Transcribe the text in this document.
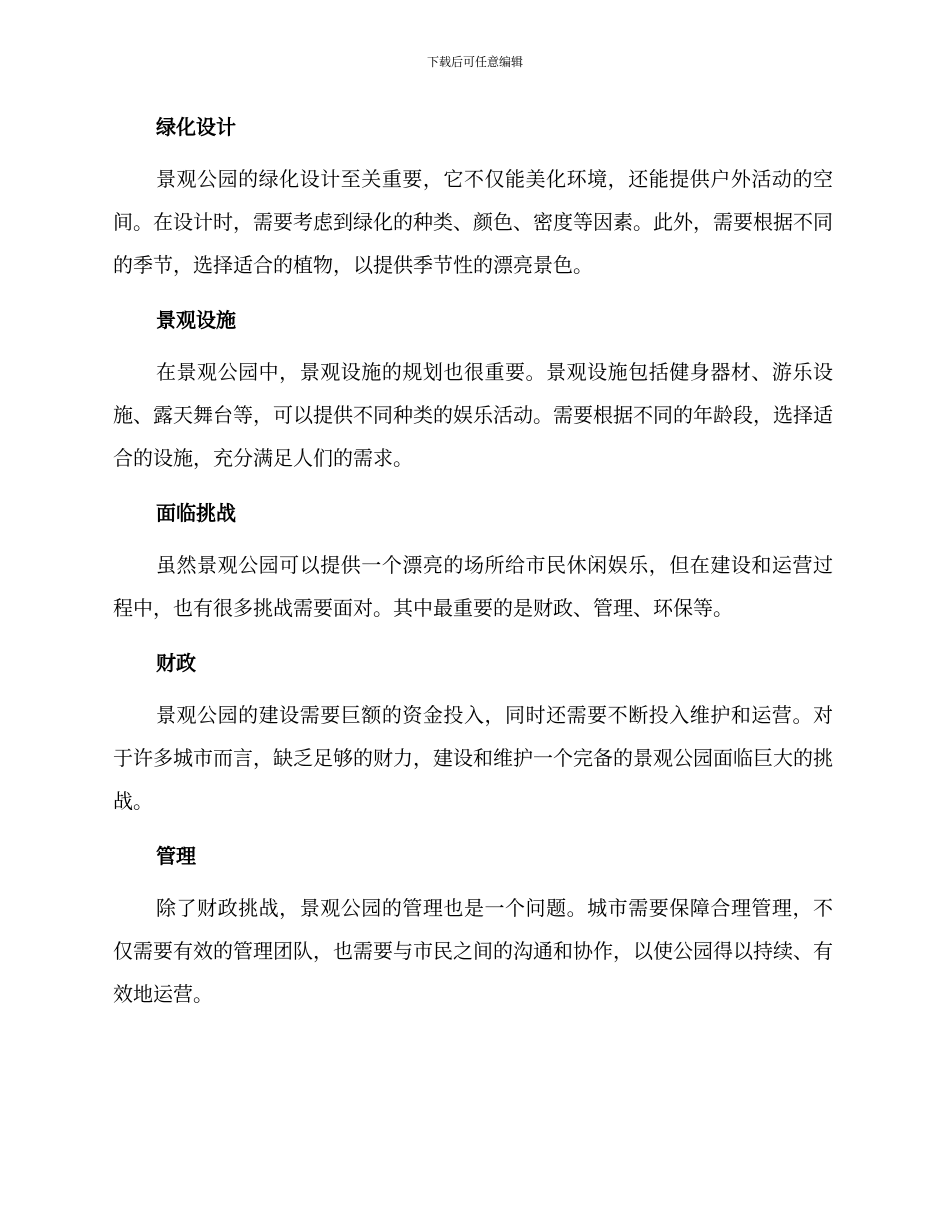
下载后可任意编辑
绿化设计

景观公园的绿化设计至关重要，它不仅能美化环境，还能提供户外活动的空间。在设计时，需要考虑到绿化的种类、颜色、密度等因素。此外，需要根据不同的季节，选择适合的植物，以提供季节性的漂亮景色。

景观设施

在景观公园中，景观设施的规划也很重要。景观设施包括健身器材、游乐设施、露天舞台等，可以提供不同种类的娱乐活动。需要根据不同的年龄段，选择适合的设施，充分满足人们的需求。

面临挑战

虽然景观公园可以提供一个漂亮的场所给市民休闲娱乐，但在建设和运营过程中，也有很多挑战需要面对。其中最重要的是财政、管理、环保等。

财政

景观公园的建设需要巨额的资金投入，同时还需要不断投入维护和运营。对于许多城市而言，缺乏足够的财力，建设和维护一个完备的景观公园面临巨大的挑战。

管理

除了财政挑战，景观公园的管理也是一个问题。城市需要保障合理管理，不仅需要有效的管理团队，也需要与市民之间的沟通和协作，以使公园得以持续、有效地运营。
